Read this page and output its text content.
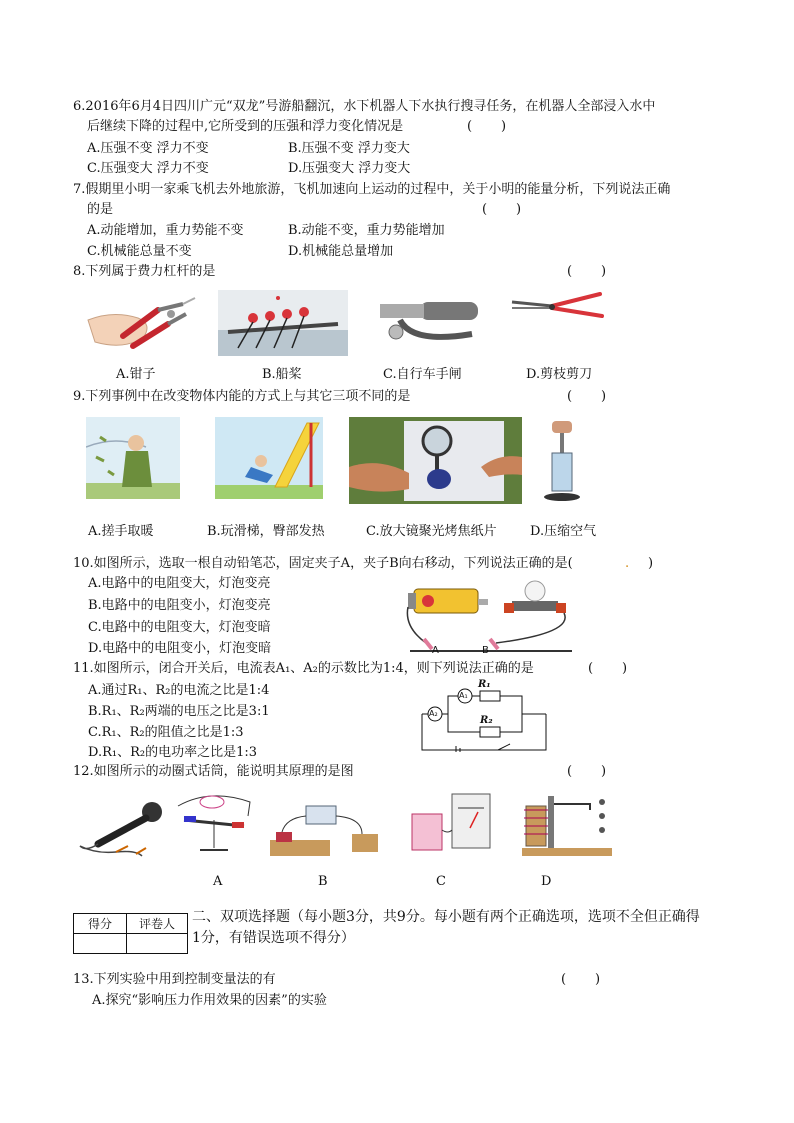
6.2016年6月4日四川广元“双龙”号游船翻沉，水下机器人下水执行搜寻任务，在机器人全部浸入水中
后继续下降的过程中,它所受到的压强和浮力变化情况是	(       )
A.压强不变 浮力不变	B.压强不变 浮力变大
C.压强变大 浮力不变	D.压强变大 浮力变大
7.假期里小明一家乘飞机去外地旅游，飞机加速向上运动的过程中，关于小明的能量分析，下列说法正确
的是	(       )
A.动能增加，重力势能不变	B.动能不变，重力势能增加
C.机械能总量不变	D.机械能总量增加
8.下列属于费力杠杆的是	(       )
A.钳子	B.船桨	C.自行车手闸	D.剪枝剪刀
9.下列事例中在改变物体内能的方式上与其它三项不同的是	(       )
A.搓手取暖	B.玩滑梯，臀部发热	C.放大镜聚光烤焦纸片	D.压缩空气
10.如图所示，选取一根自动铅笔芯，固定夹子A，夹子B向右移动，下列说法正确的是(	. )
A.电路中的电阻变大，灯泡变亮
B.电路中的电阻变小，灯泡变亮
C.电路中的电阻变大，灯泡变暗
D.电路中的电阻变小，灯泡变暗	A	B
11.如图所示，闭合开关后，电流表A₁、A₂的示数比为1:4，则下列说法正确的是	(       )
A.通过R₁、R₂的电流之比是1:4
B.R₁、R₂两端的电压之比是3:1
C.R₁、R₂的阻值之比是1:3
D.R₁、R₂的电功率之比是1:3
R₁
R₂
A₁
A₂
12.如图所示的动圈式话筒，能说明其原理的是图	(       )
A	B	C	D
得分	评卷人
	二、双项选择题（每小题3分，共9分。每小题有两个正确选项，选项不全但正确得
1分，有错误选项不得分）
13.下列实验中用到控制变量法的有	(       )
A.探究“影响压力作用效果的因素”的实验
